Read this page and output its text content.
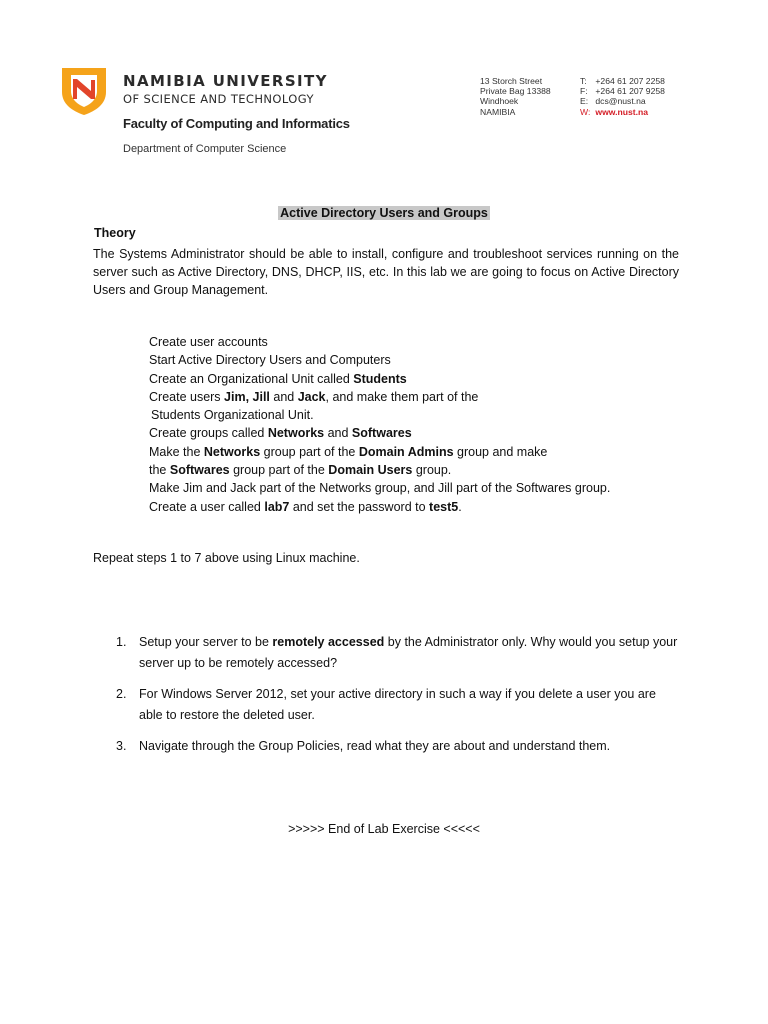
NAMIBIA UNIVERSITY
OF SCIENCE AND TECHNOLOGY
Faculty of Computing and Informatics
Department of Computer Science
13 Storch Street
Private Bag 13388
Windhoek
NAMIBIA
T: +264 61 207 2258
F: +264 61 207 9258
E: dcs@nust.na
W: www.nust.na
Active Directory Users and Groups
Theory

The Systems Administrator should be able to install, configure and troubleshoot services running on the server such as Active Directory, DNS, DHCP, IIS, etc. In this lab we are going to focus on Active Directory Users and Group Management.

Create user accounts
Start Active Directory Users and Computers
Create an Organizational Unit called Students
Create users Jim, Jill and Jack, and make them part of the
Students Organizational Unit.
Create groups called Networks and Softwares
Make the Networks group part of the Domain Admins group and make
the Softwares group part of the Domain Users group.
Make Jim and Jack part of the Networks group, and Jill part of the Softwares group.
Create a user called lab7 and set the password to test5.
Repeat steps 1 to 7 above using Linux machine.
1. Setup your server to be remotely accessed by the Administrator only. Why would you setup your server up to be remotely accessed?
2. For Windows Server 2012, set your active directory in such a way if you delete a user you are able to restore the deleted user.
3. Navigate through the Group Policies, read what they are about and understand them.
>>>>> End of Lab Exercise <<<<<
